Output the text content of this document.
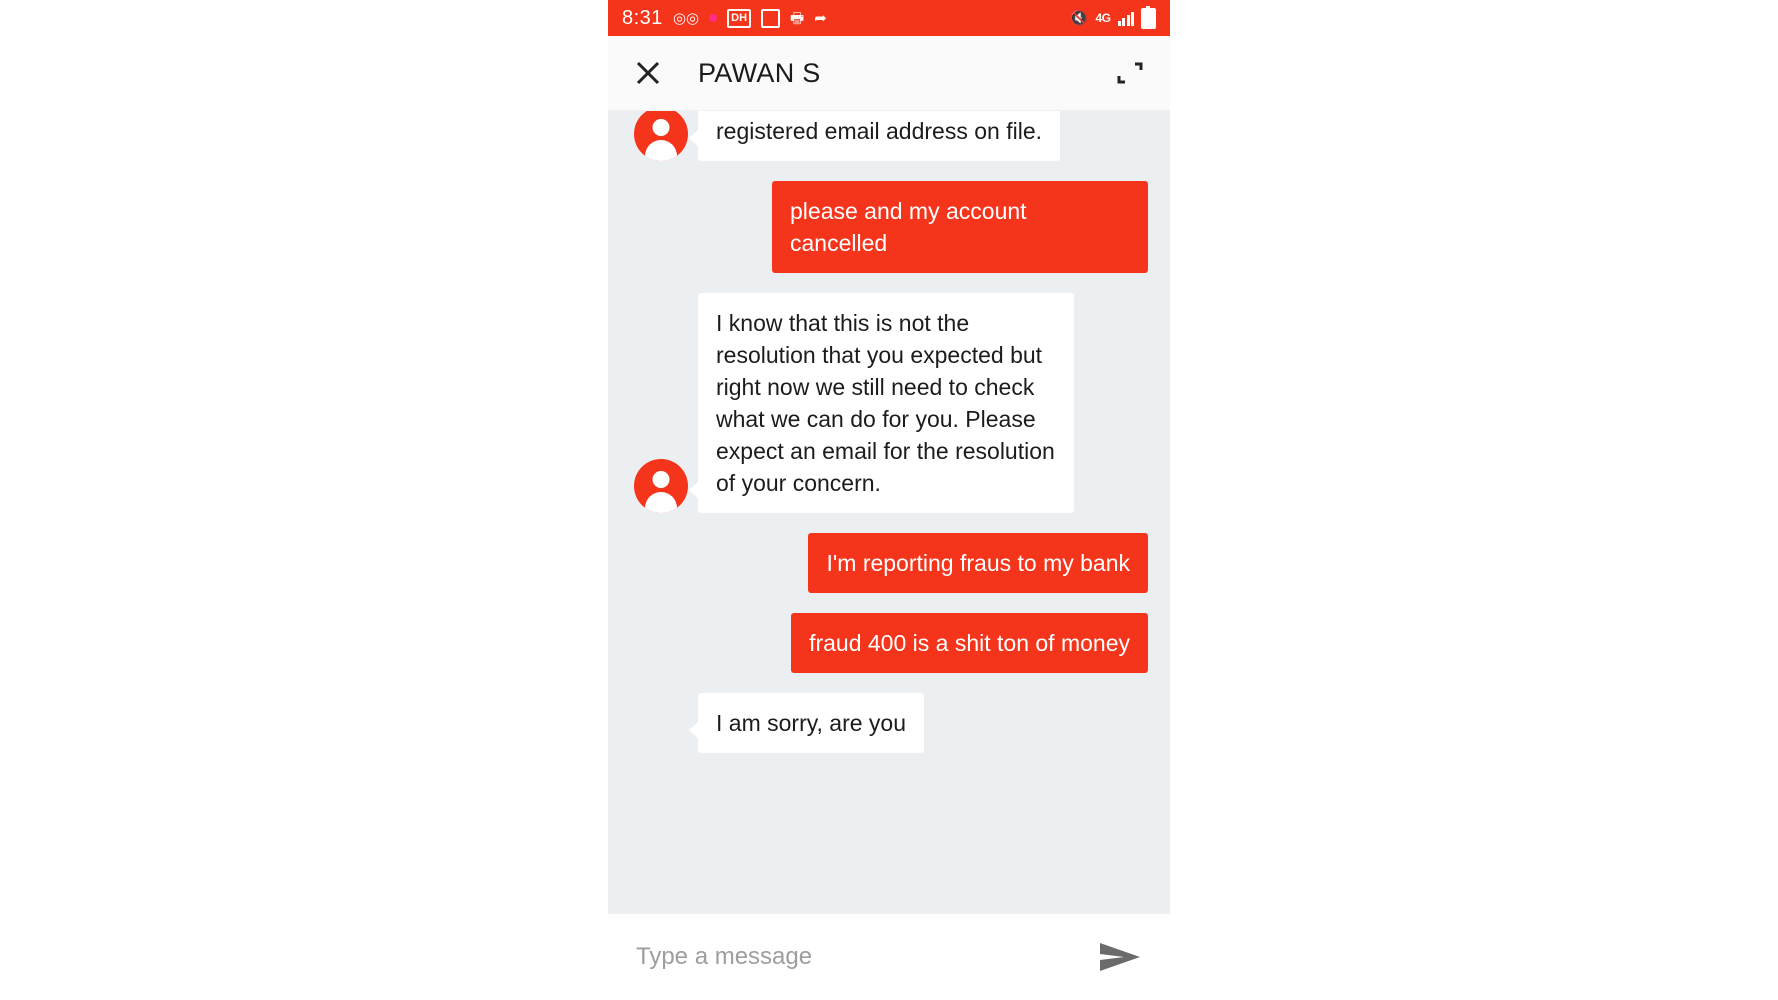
8:31 ◎◎	DH	🖶 ➦	🔇 4G
PAWAN S
registered email address on file.
please and my account cancelled
I know that this is not the resolution that you expected but right now we still need to check what we can do for you. Please expect an email for the resolution of your concern.
I'm reporting fraus to my bank
fraud 400 is a shit ton of money
I am sorry, are you
Type a message
